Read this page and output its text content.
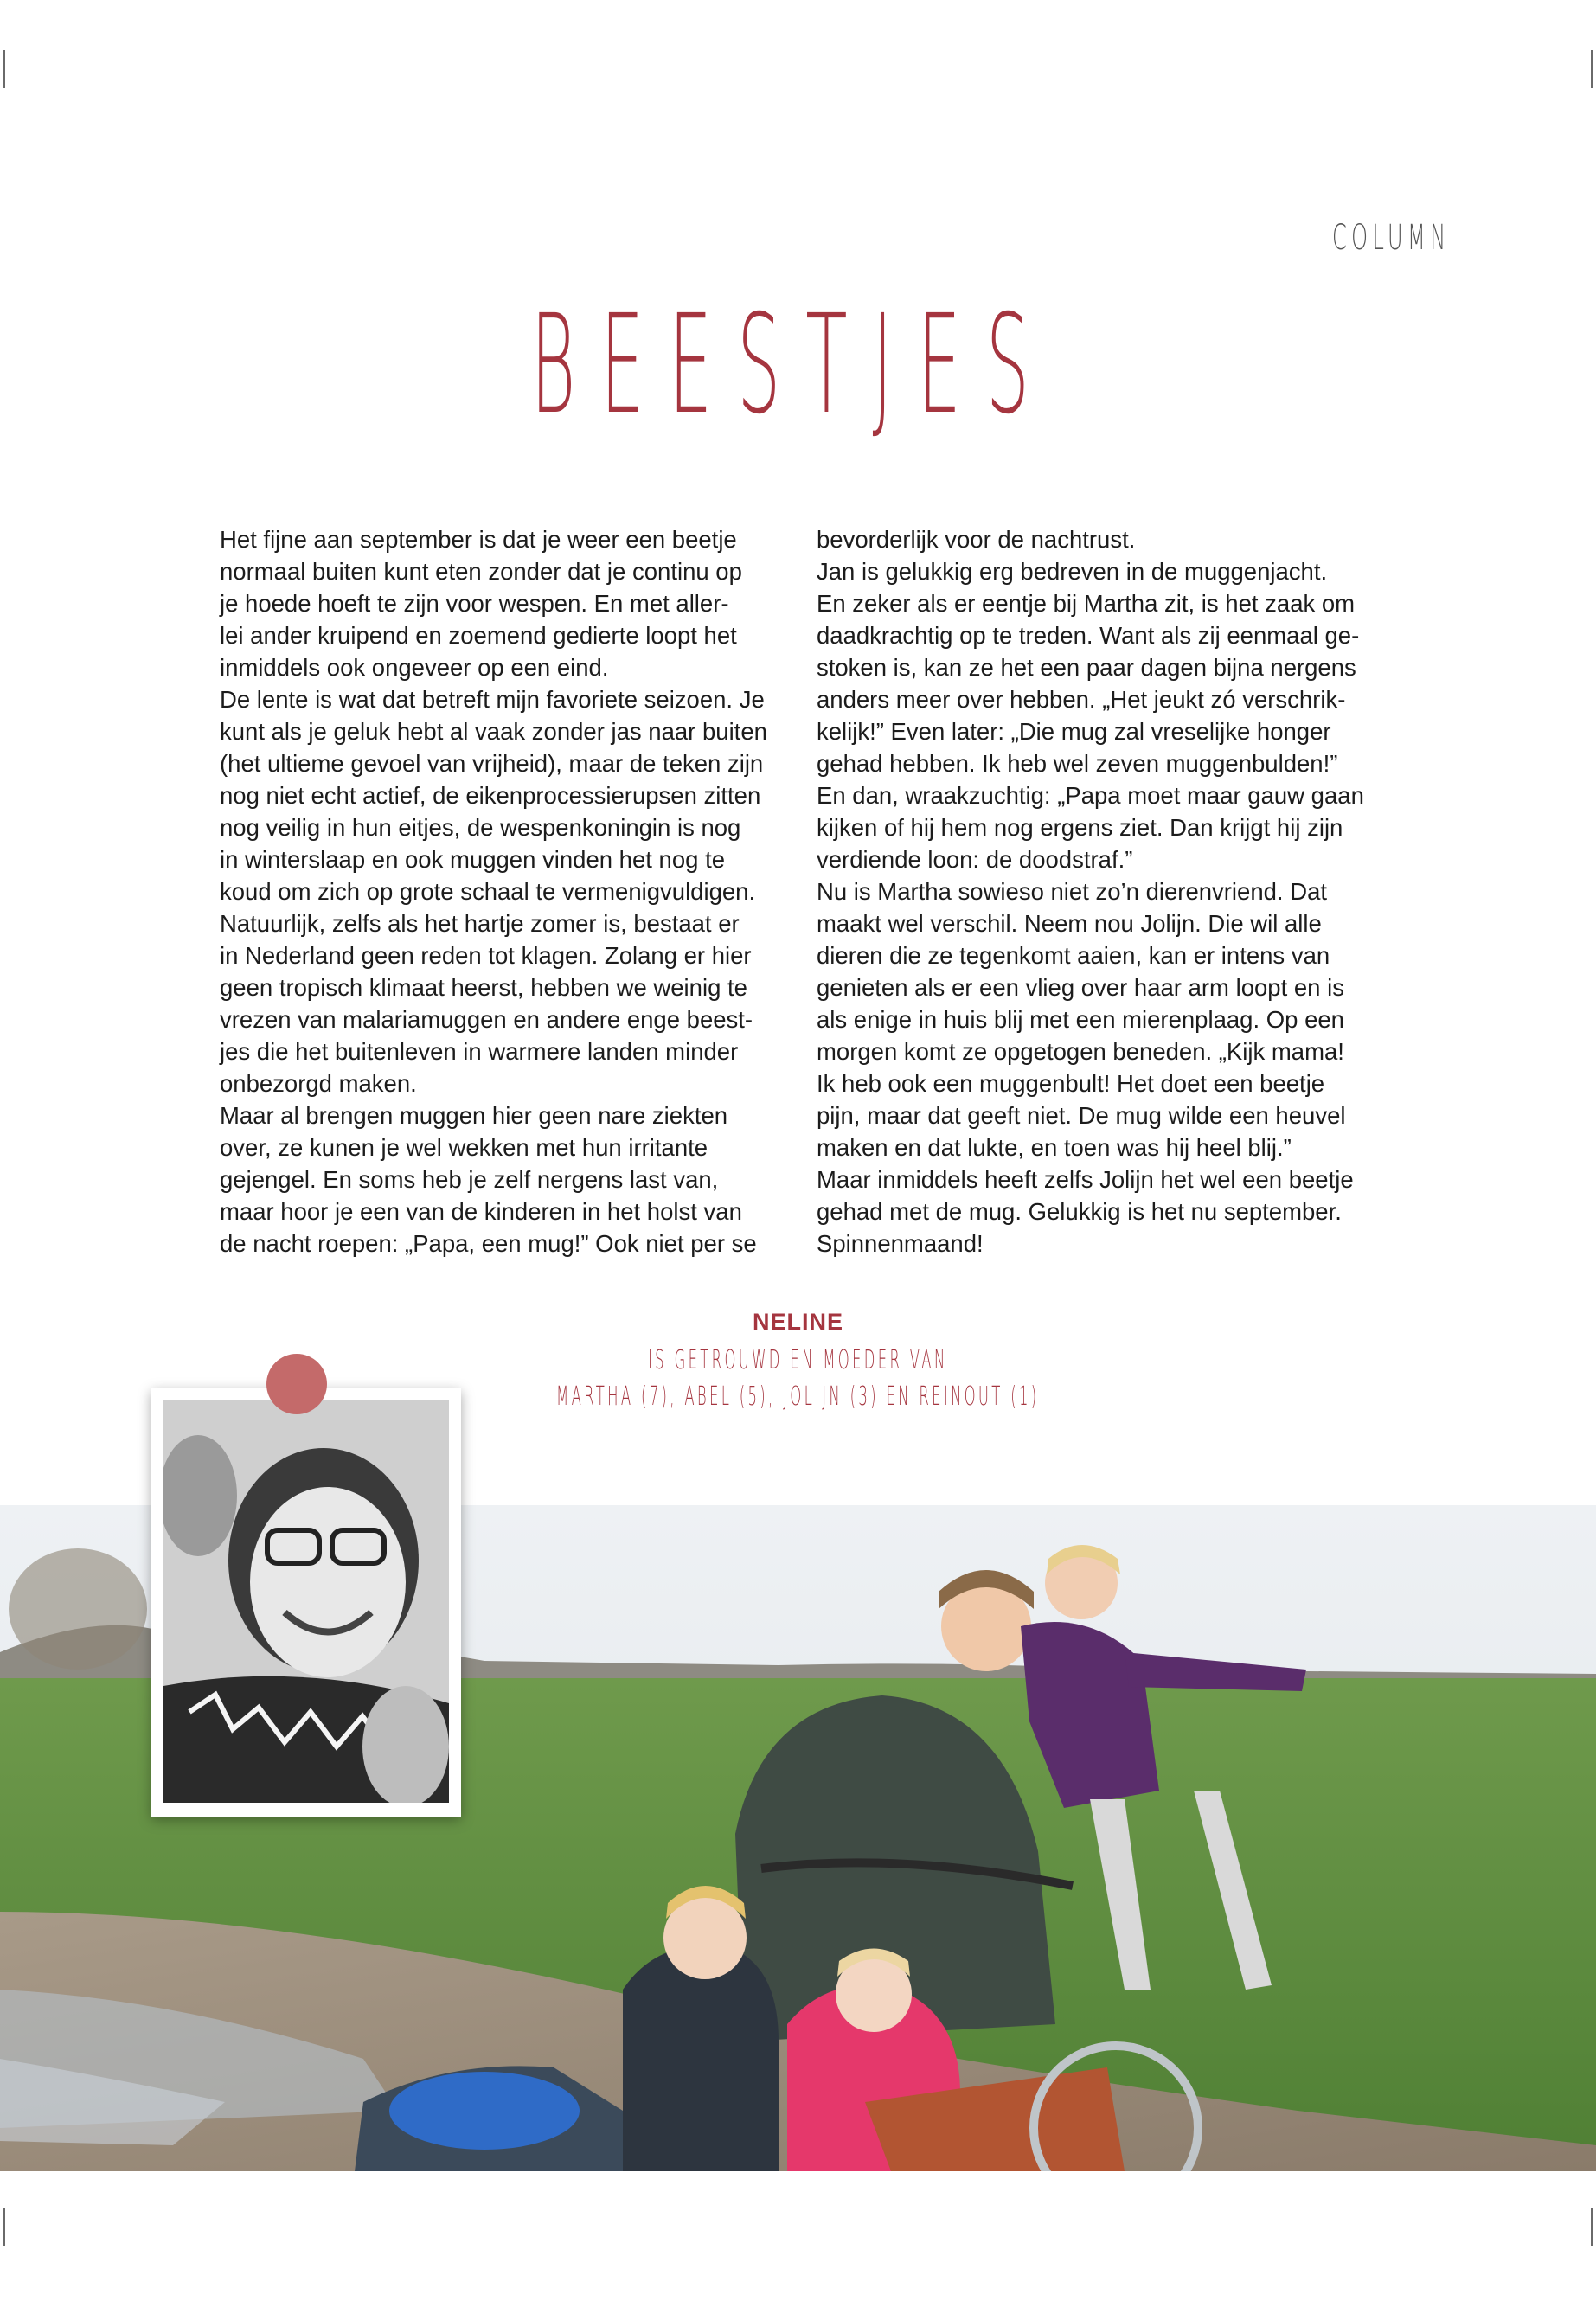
COLUMN
BEESTJES

Het fijne aan september is dat je weer een beetje

normaal buiten kunt eten zonder dat je continu op

je hoede hoeft te zijn voor wespen. En met aller-

lei ander kruipend en zoemend gedierte loopt het

inmiddels ook ongeveer op een eind.

De lente is wat dat betreft mijn favoriete seizoen. Je

kunt als je geluk hebt al vaak zonder jas naar buiten

(het ultieme gevoel van vrijheid), maar de teken zijn

nog niet echt actief, de eikenprocessierupsen zitten

nog veilig in hun eitjes, de wespenkoningin is nog

in winterslaap en ook muggen vinden het nog te

koud om zich op grote schaal te vermenigvuldigen.

Natuurlijk, zelfs als het hartje zomer is, bestaat er

in Nederland geen reden tot klagen. Zolang er hier

geen tropisch klimaat heerst, hebben we weinig te

vrezen van malariamuggen en andere enge beest-

jes die het buitenleven in warmere landen minder

onbezorgd maken.

Maar al brengen muggen hier geen nare ziekten

over, ze kunen je wel wekken met hun irritante

gejengel. En soms heb je zelf nergens last van,

maar hoor je een van de kinderen in het holst van

de nacht roepen: „Papa, een mug!” Ook niet per se

bevorderlijk voor de nachtrust.

Jan is gelukkig erg bedreven in de muggenjacht.

En zeker als er eentje bij Martha zit, is het zaak om

daadkrachtig op te treden. Want als zij eenmaal ge-

stoken is, kan ze het een paar dagen bijna nergens

anders meer over hebben. „Het jeukt zó verschrik-

kelijk!” Even later: „Die mug zal vreselijke honger

gehad hebben. Ik heb wel zeven muggenbulden!”

En dan, wraakzuchtig: „Papa moet maar gauw gaan

kijken of hij hem nog ergens ziet. Dan krijgt hij zijn

verdiende loon: de doodstraf.”

Nu is Martha sowieso niet zo’n dierenvriend. Dat

maakt wel verschil. Neem nou Jolijn. Die wil alle

dieren die ze tegenkomt aaien, kan er intens van

genieten als er een vlieg over haar arm loopt en is

als enige in huis blij met een mierenplaag. Op een

morgen komt ze opgetogen beneden. „Kijk mama!

Ik heb ook een muggenbult! Het doet een beetje

pijn, maar dat geeft niet. De mug wilde een heuvel

maken en dat lukte, en toen was hij heel blij.”

Maar inmiddels heeft zelfs Jolijn het wel een beetje

gehad met de mug. Gelukkig is het nu september.

Spinnenmaand!

NELINE
IS GETROUWD EN MOEDER VAN
MARTHA (7), ABEL (5), JOLIJN (3) EN REINOUT (1)
